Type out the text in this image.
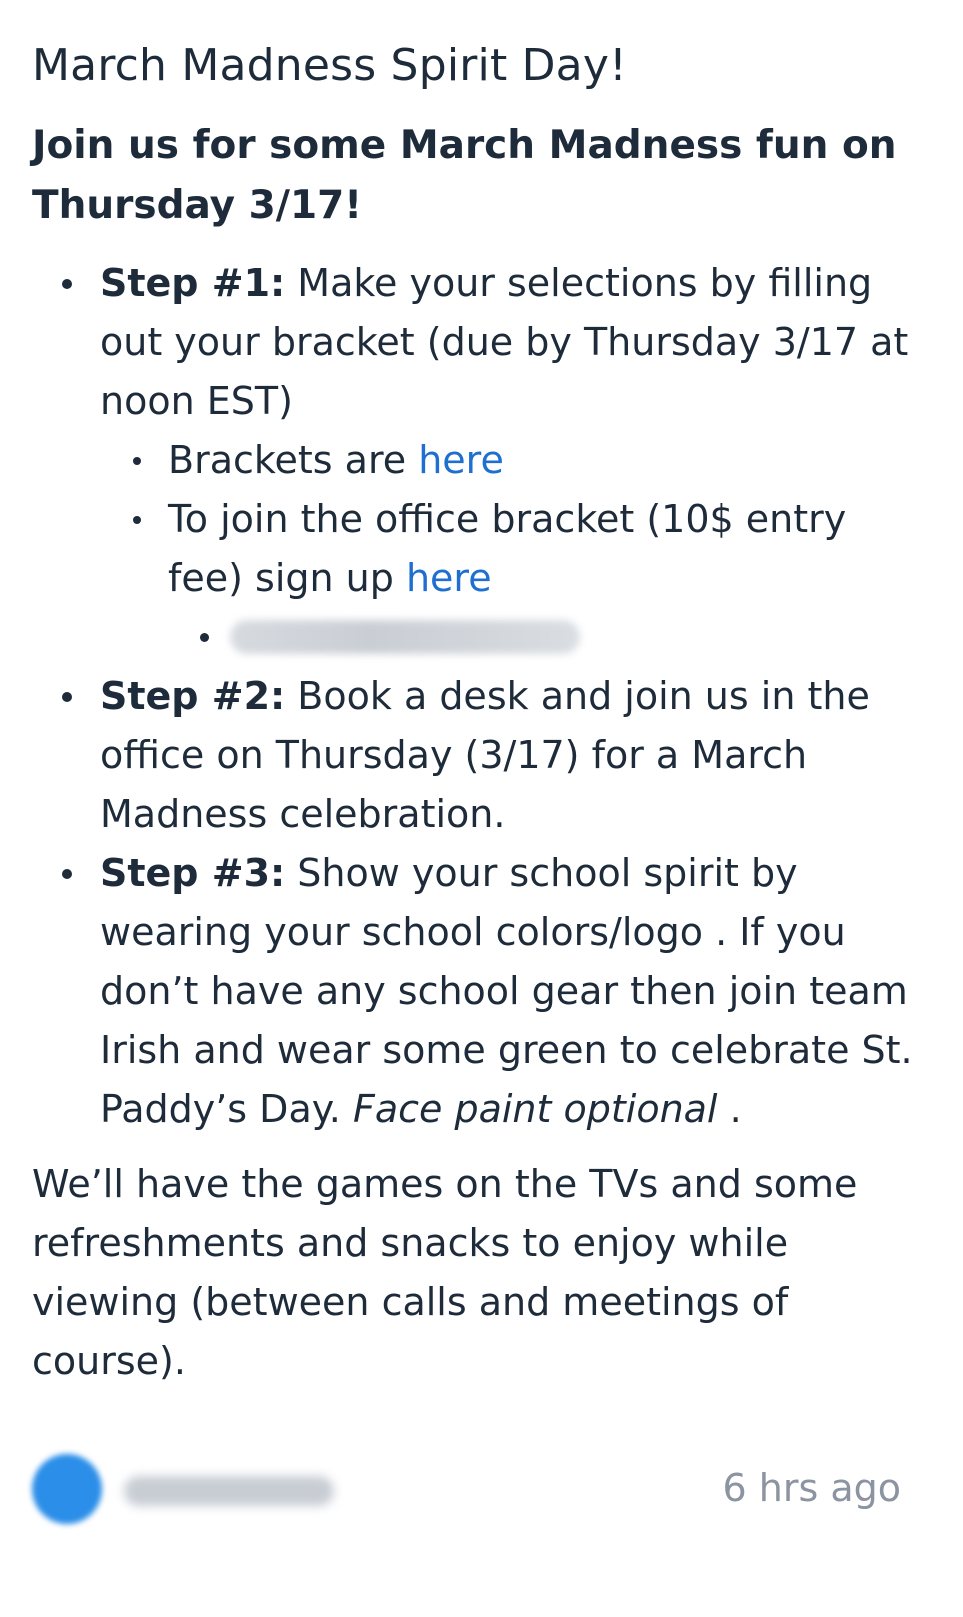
March Madness Spirit Day!

Join us for some March Madness fun on Thursday 3/17!

Step #1: Make your selections by filling out your bracket (due by Thursday 3/17 at noon EST)
Brackets are here
To join the office bracket (10$ entry fee) sign up here
Step #2: Book a desk and join us in the office on Thursday (3/17) for a March Madness celebration.
Step #3: Show your school spirit by wearing your school colors/logo . If you don’t have any school gear then join team Irish and wear some green to celebrate St. Paddy’s Day. Face paint optional .

We’ll have the games on the TVs and some refreshments and snacks to enjoy while viewing (between calls and meetings of course).

6 hrs ago
